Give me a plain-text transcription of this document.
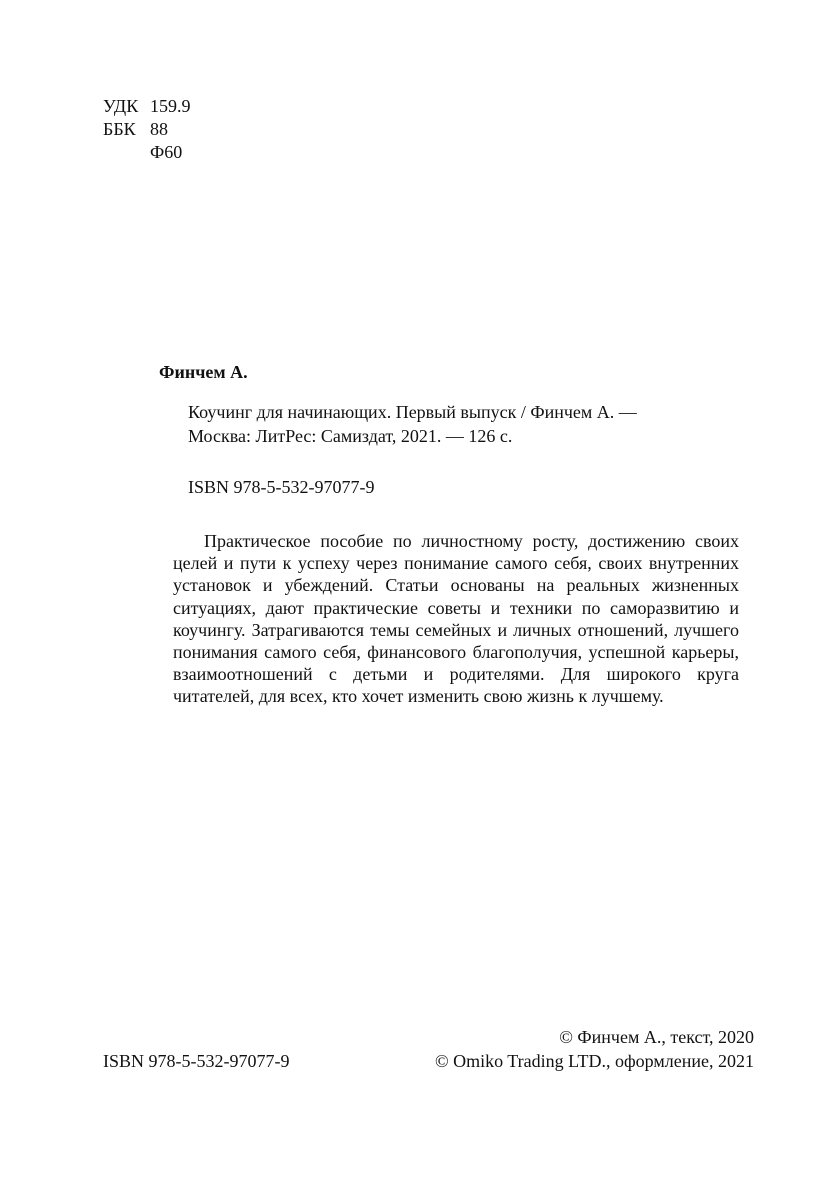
УДК 159.9
ББК 88
Ф60
Финчем А.
Коучинг для начинающих. Первый выпуск / Финчем А. —
Москва: ЛитРес: Самиздат, 2021. — 126 с.
ISBN 978-5-532-97077-9

Практическое пособие по личностному росту, достижению своих целей и пути к успеху через понимание самого себя, своих внутренних установок и убеждений. Статьи основаны на реальных жизненных ситуациях, дают практические советы и техники по саморазвитию и коучингу. Затрагиваются темы семейных и личных отношений, лучшего понимания самого себя, финансового благополучия, успешной карьеры, взаимоотношений с детьми и родителями. Для широкого круга читателей, для всех, кто хочет изменить свою жизнь к лучшему.

© Финчем А., текст, 2020
© Omiko Trading LTD., оформление, 2021
ISBN 978-5-532-97077-9
